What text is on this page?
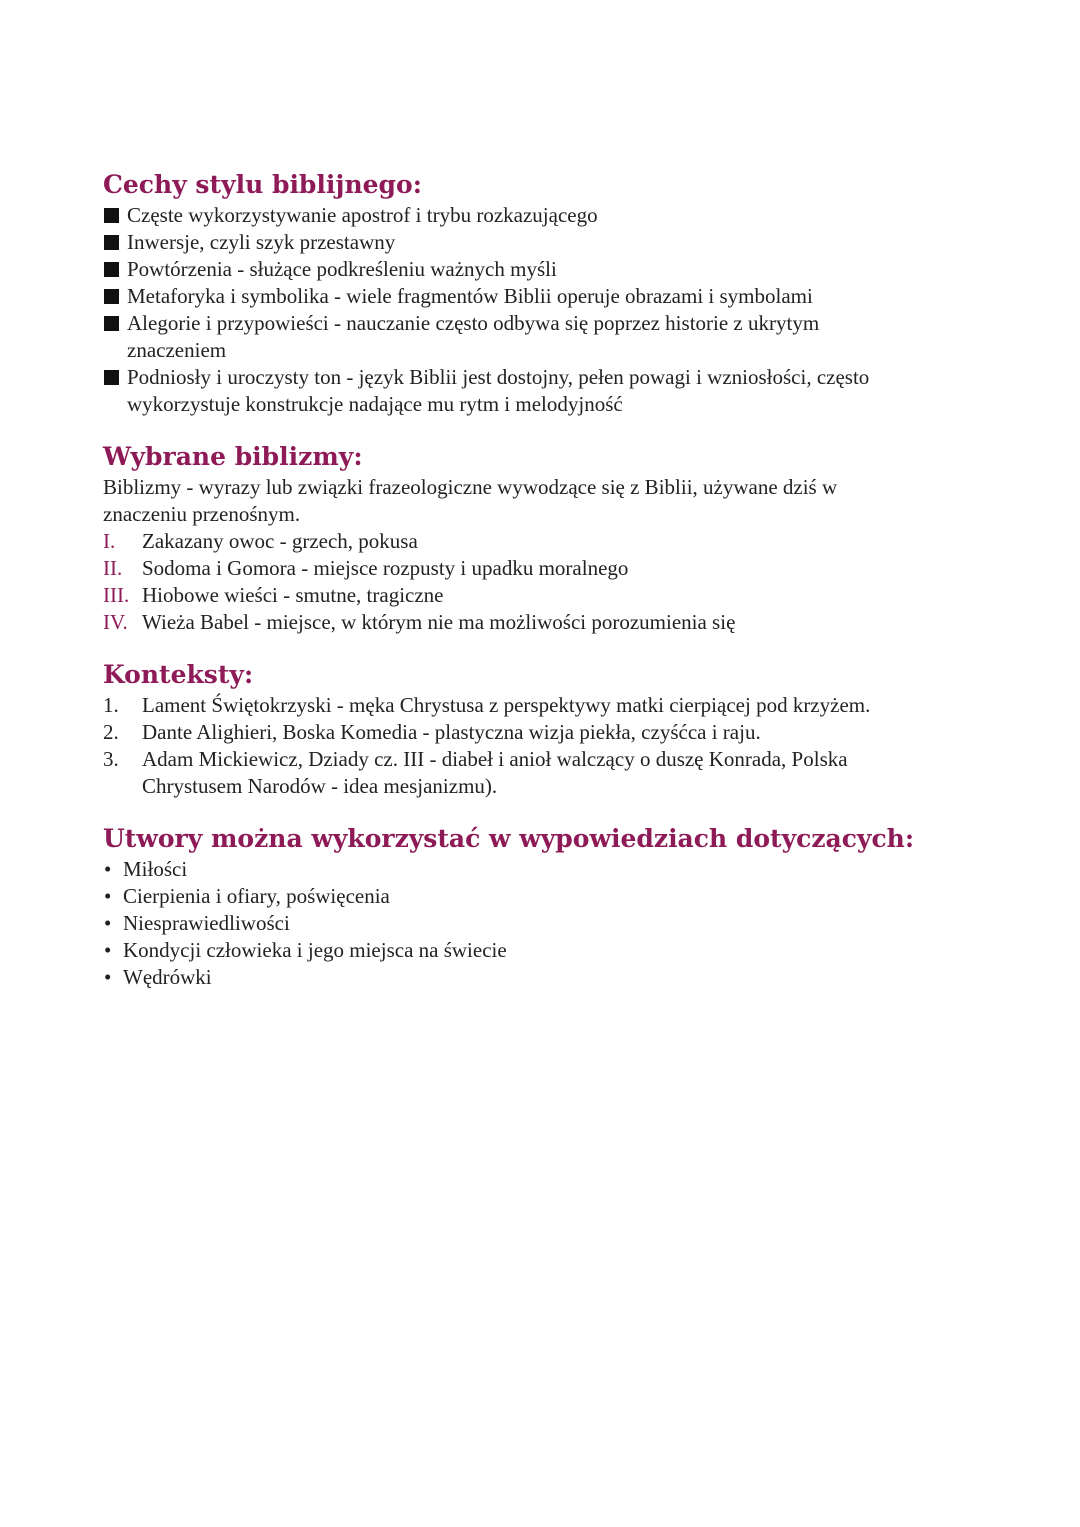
Cechy stylu biblijnego:
Częste wykorzystywanie apostrof i trybu rozkazującego
Inwersje, czyli szyk przestawny
Powtórzenia - służące podkreśleniu ważnych myśli
Metaforyka i symbolika - wiele fragmentów Biblii operuje obrazami i symbolami
Alegorie i przypowieści - nauczanie często odbywa się poprzez historie z ukrytym znaczeniem
Podniosły i uroczysty ton - język Biblii jest dostojny, pełen powagi i wzniosłości, często wykorzystuje konstrukcje nadające mu rytm i melodyjność
Wybrane biblizmy:

Biblizmy - wyrazy lub związki frazeologiczne wywodzące się z Biblii, używane dziś w znaczeniu przenośnym.

I. Zakazany owoc - grzech, pokusa
II. Sodoma i Gomora - miejsce rozpusty i upadku moralnego
III. Hiobowe wieści - smutne, tragiczne
IV. Wieża Babel - miejsce, w którym nie ma możliwości porozumienia się
Konteksty:
1. Lament Świętokrzyski - męka Chrystusa z perspektywy matki cierpiącej pod krzyżem.
2. Dante Alighieri, Boska Komedia - plastyczna wizja piekła, czyśćca i raju.
3. Adam Mickiewicz, Dziady cz. III - diabeł i anioł walczący o duszę Konrada, Polska Chrystusem Narodów - idea mesjanizmu).
Utwory można wykorzystać w wypowiedziach dotyczących:
• Miłości
• Cierpienia i ofiary, poświęcenia
• Niesprawiedliwości
• Kondycji człowieka i jego miejsca na świecie
• Wędrówki
